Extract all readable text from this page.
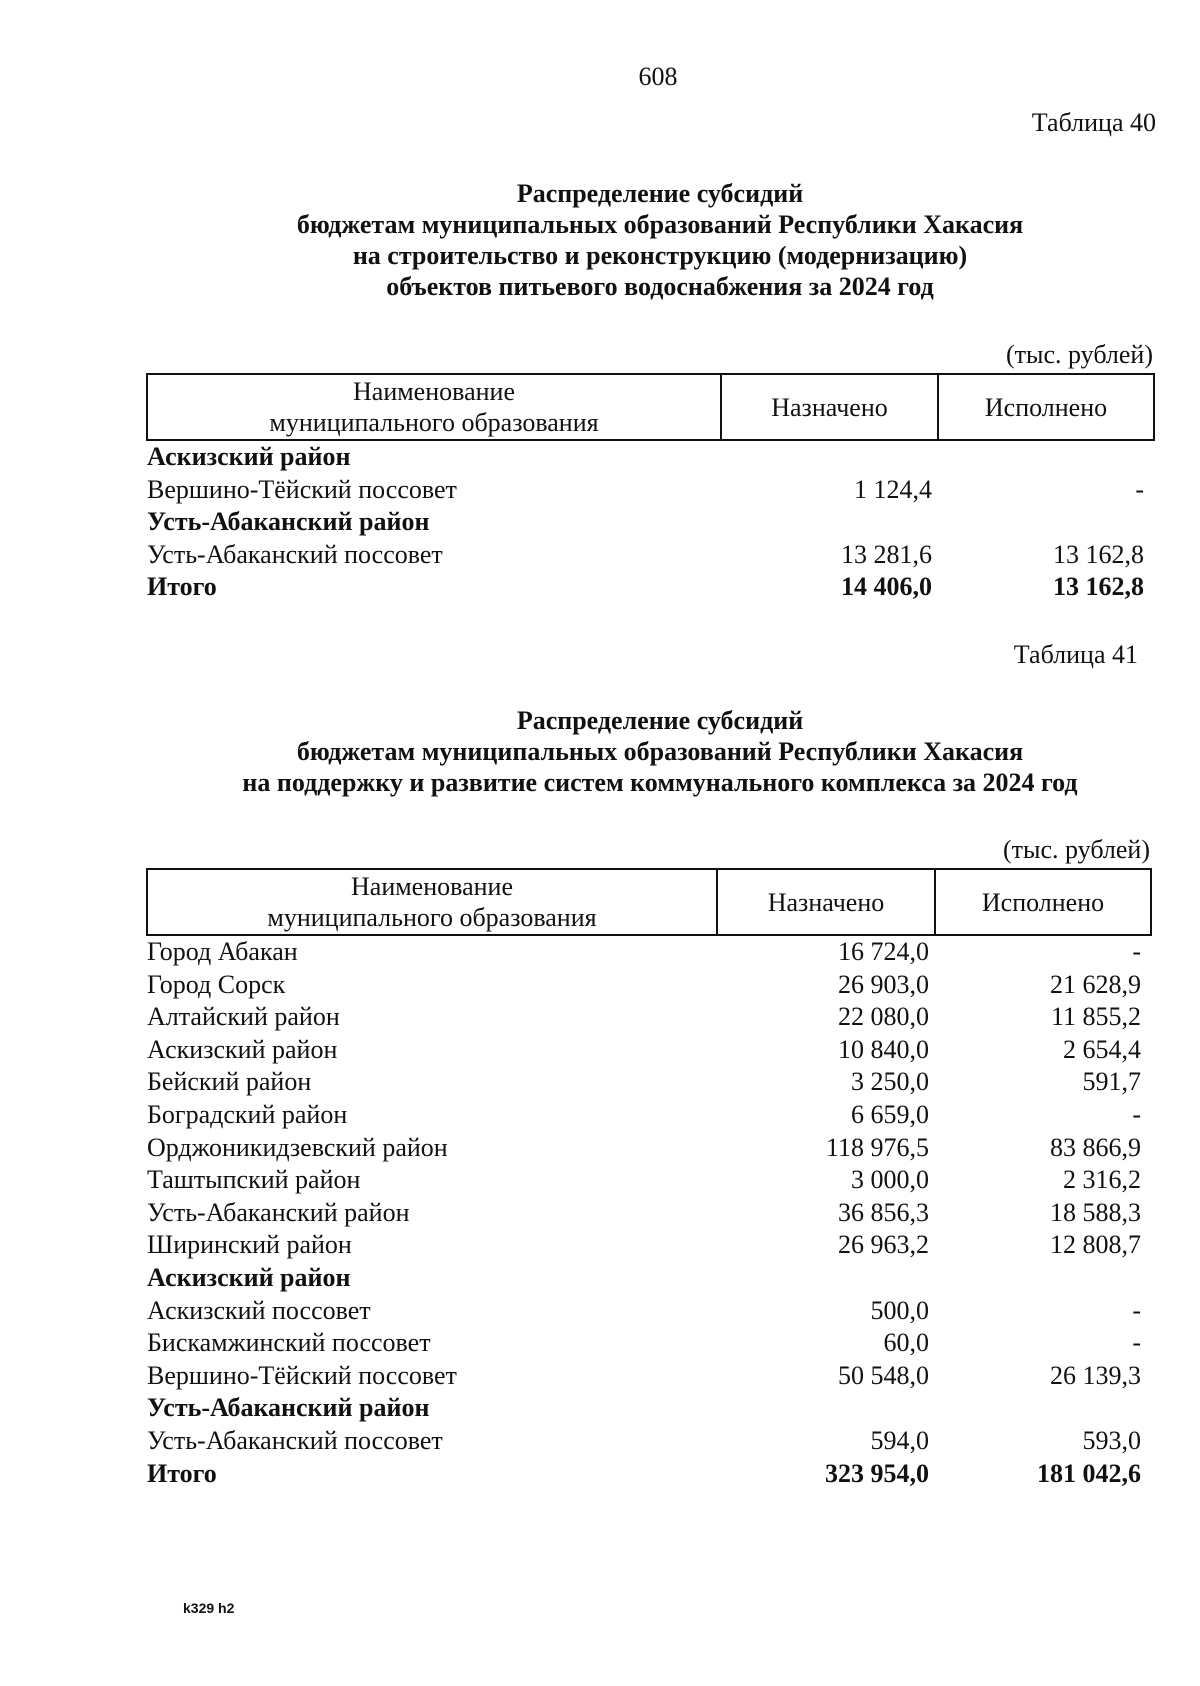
608
Таблица 40
Распределение субсидий
бюджетам муниципальных образований Республики Хакасия
на строительство и реконструкцию (модернизацию)
объектов питьевого водоснабжения за 2024 год
(тыс. рублей)
Наименование
муниципального образования	Назначено	Исполнено
Аскизский район		
Вершино-Тёйский поссовет	1 124,4	-
Усть-Абаканский район		
Усть-Абаканский поссовет	13 281,6	13 162,8
Итого	14 406,0	13 162,8
Таблица 41
Распределение субсидий
бюджетам муниципальных образований Республики Хакасия
на поддержку и развитие систем коммунального комплекса за 2024 год
(тыс. рублей)
Наименование
муниципального образования	Назначено	Исполнено
Город Абакан	16 724,0	-
Город Сорск	26 903,0	21 628,9
Алтайский район	22 080,0	11 855,2
Аскизский район	10 840,0	2 654,4
Бейский район	3 250,0	591,7
Боградский район	6 659,0	-
Орджоникидзевский район	118 976,5	83 866,9
Таштыпский район	3 000,0	2 316,2
Усть-Абаканский район	36 856,3	18 588,3
Ширинский район	26 963,2	12 808,7
Аскизский район		
Аскизский поссовет	500,0	-
Бискамжинский поссовет	60,0	-
Вершино-Тёйский поссовет	50 548,0	26 139,3
Усть-Абаканский район		
Усть-Абаканский поссовет	594,0	593,0
Итого	323 954,0	181 042,6
k329 h2
